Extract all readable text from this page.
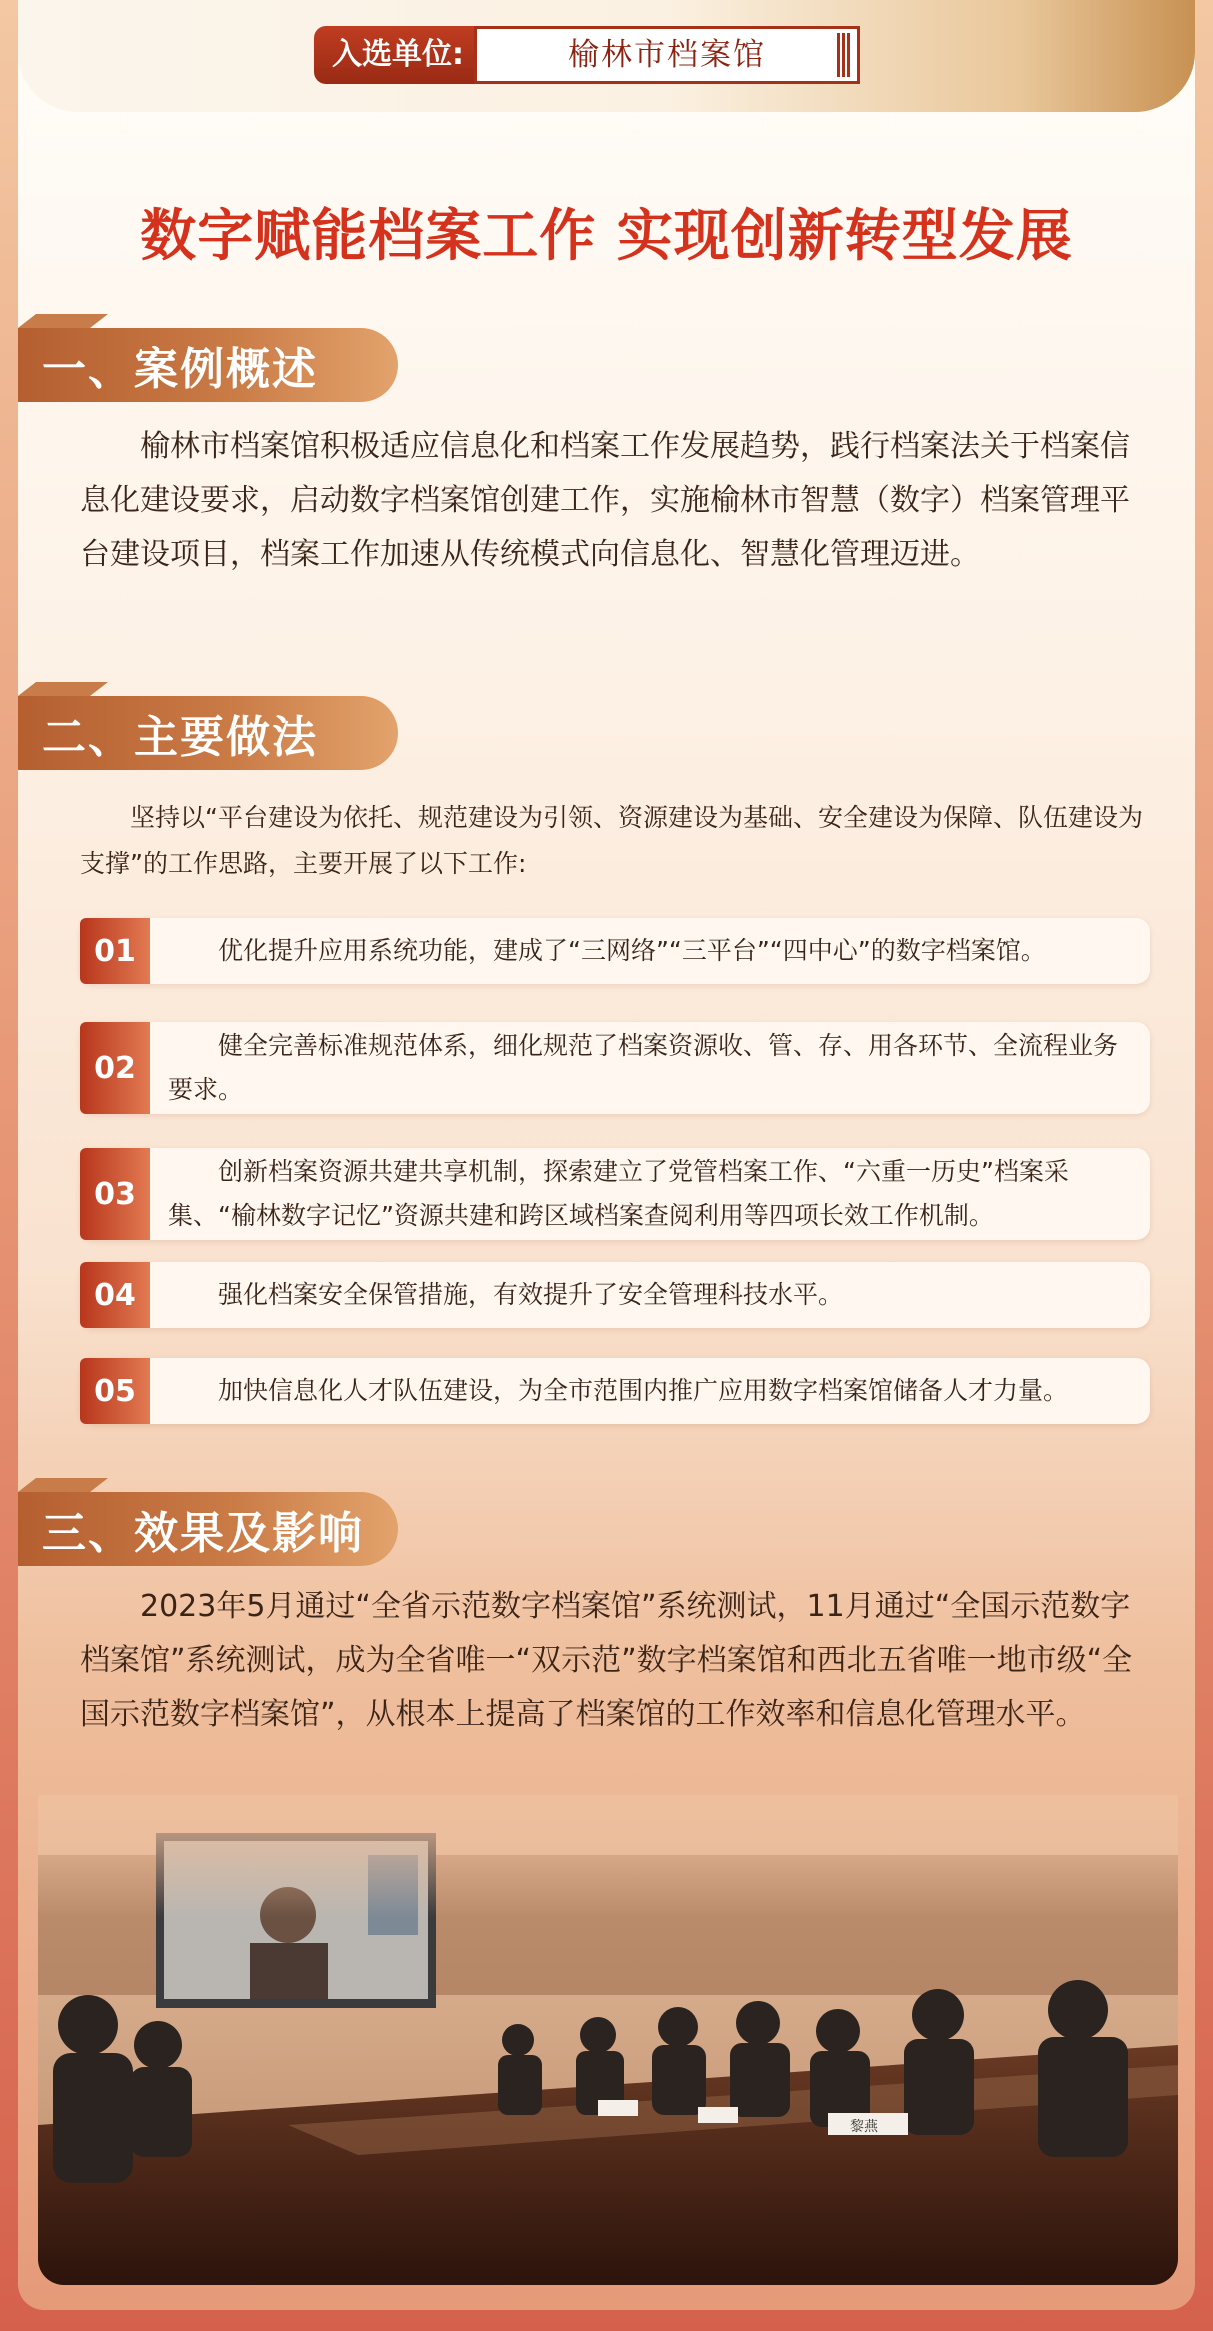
入选单位:	榆林市档案馆
数字赋能档案工作 实现创新转型发展
一、案例概述

榆林市档案馆积极适应信息化和档案工作发展趋势，践行档案法关于档案信息化建设要求，启动数字档案馆创建工作，实施榆林市智慧（数字）档案管理平台建设项目，档案工作加速从传统模式向信息化、智慧化管理迈进。

二、主要做法

坚持以“平台建设为依托、规范建设为引领、资源建设为基础、安全建设为保障、队伍建设为支撑”的工作思路，主要开展了以下工作:

01	优化提升应用系统功能，建成了“三网络”“三平台”“四中心”的数字档案馆。
02
健全完善标准规范体系，细化规范了档案资源收、管、存、用各环节、全流程业务要求。
03
创新档案资源共建共享机制，探索建立了党管档案工作、“六重一历史”档案采集、“榆林数字记忆”资源共建和跨区域档案查阅利用等四项长效工作机制。
04	强化档案安全保管措施，有效提升了安全管理科技水平。
05	加快信息化人才队伍建设，为全市范围内推广应用数字档案馆储备人才力量。
三、效果及影响

2023年5月通过“全省示范数字档案馆”系统测试，11月通过“全国示范数字档案馆”系统测试，成为全省唯一“双示范”数字档案馆和西北五省唯一地市级“全国示范数字档案馆”，从根本上提高了档案馆的工作效率和信息化管理水平。
